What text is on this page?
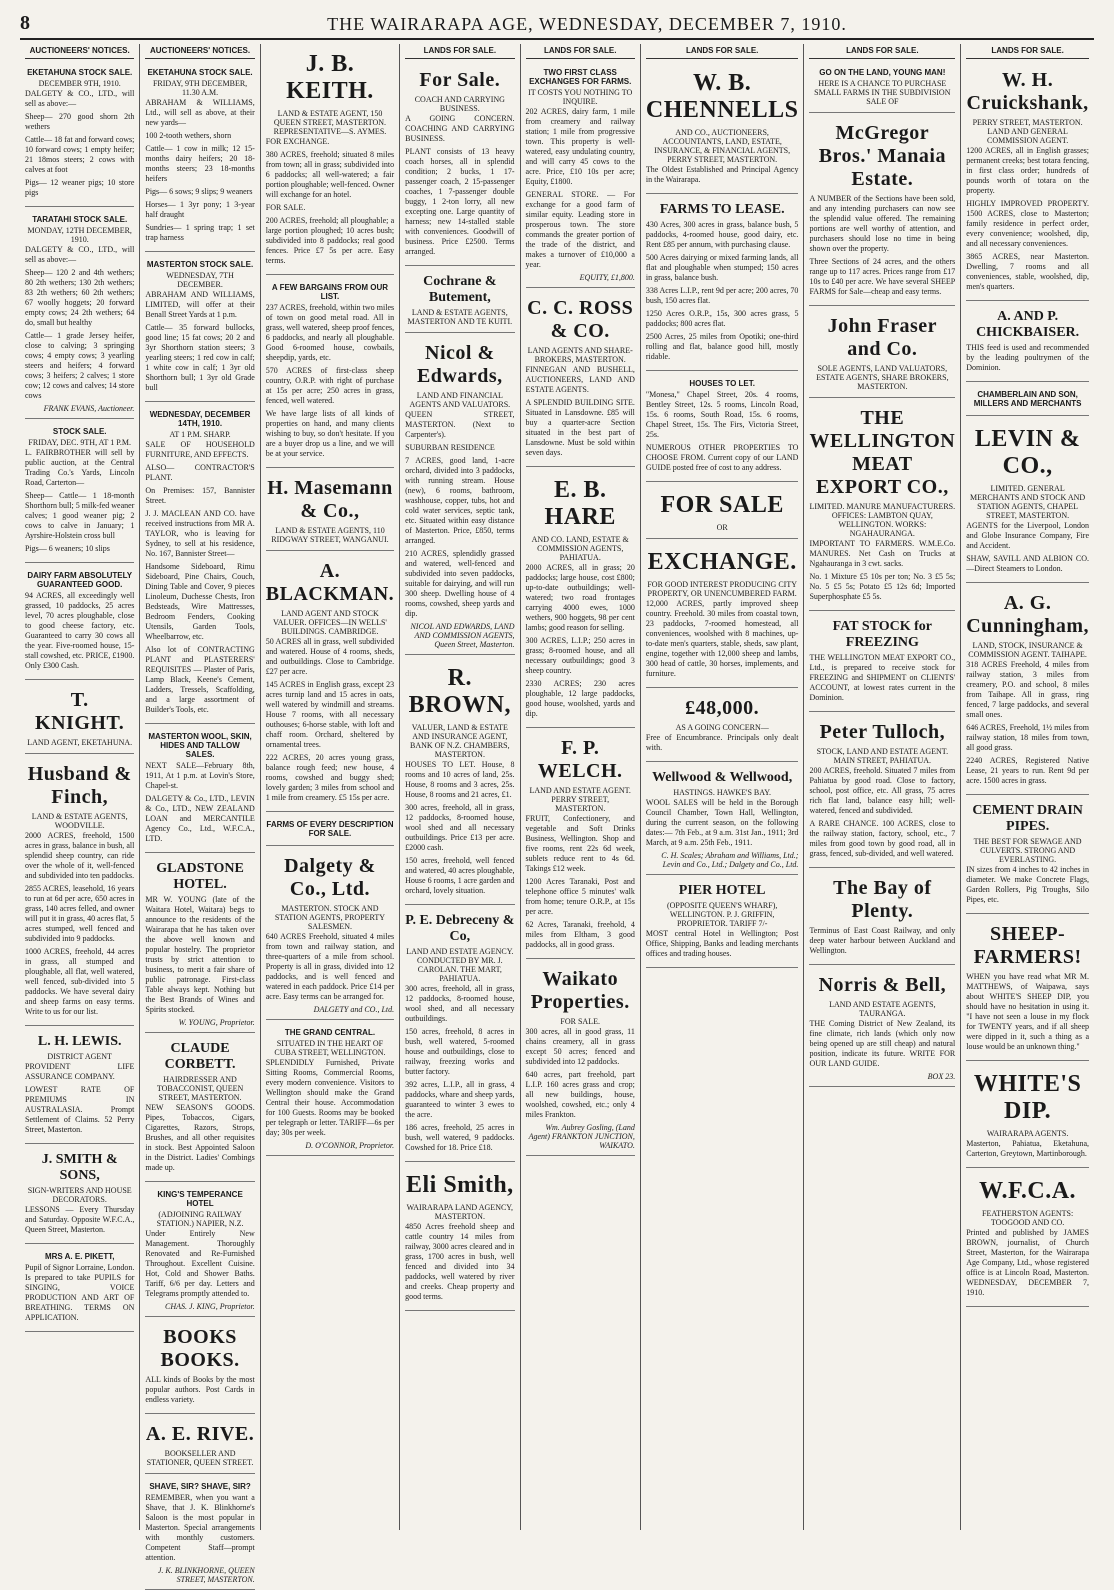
8	THE WAIRARAPA AGE, WEDNESDAY, DECEMBER 7, 1910.
AUCTIONEERS' NOTICES.
EKETAHUNA STOCK SALE.
DECEMBER 9TH, 1910.

DALGETY & CO., LTD., will sell as above:—

Sheep— 270 good shorn 2th wethers

Cattle— 18 fat and forward cows; 10 forward cows; 1 empty heifer; 21 18mos steers; 2 cows with calves at foot

Pigs— 12 weaner pigs; 10 store pigs

TARATAHI STOCK SALE.
MONDAY, 12TH DECEMBER, 1910.

DALGETY & CO., LTD., will sell as above:—

Sheep— 120 2 and 4th wethers; 80 2th wethers; 130 2th wethers; 83 2th wethers; 60 2th wethers; 67 woolly hoggets; 20 forward empty cows; 24 2th wethers; 64 do, small but healthy

Cattle— 1 grade Jersey heifer, close to calving; 3 springing cows; 4 empty cows; 3 yearling steers and heifers; 4 forward cows; 3 heifers; 2 calves; 1 store cow; 12 cows and calves; 14 store cows

FRANK EVANS, Auctioneer.
STOCK SALE.
FRIDAY, DEC. 9TH, AT 1 P.M.

L. FAIRBROTHER will sell by public auction, at the Central Trading Co.'s Yards, Lincoln Road, Carterton—

Sheep— Cattle— 1 18-month Shorthorn bull; 5 milk-fed weaner calves; 1 good weaner pig; 2 cows to calve in January; 1 Ayrshire-Holstein cross bull

Pigs— 6 weaners; 10 slips

DAIRY FARM ABSOLUTELY GUARANTEED GOOD.

94 ACRES, all exceedingly well grassed, 10 paddocks, 25 acres level, 70 acres ploughable, close to good cheese factory, etc. Guaranteed to carry 30 cows all the year. Five-roomed house, 15-stall cowshed, etc. PRICE, £1900. Only £300 Cash.

T. KNIGHT.
LAND AGENT, EKETAHUNA.
Husband & Finch,
LAND & ESTATE AGENTS, WOODVILLE.

2000 ACRES, freehold, 1500 acres in grass, balance in bush, all splendid sheep country, can ride over the whole of it, well-fenced and subdivided into ten paddocks.

2855 ACRES, leasehold, 16 years to run at 6d per acre, 650 acres in grass, 140 acres felled, and owner will put it in grass, 40 acres flat, 5 acres stumped, well fenced and subdivided into 9 paddocks.

1000 ACRES, freehold, 44 acres in grass, all stumped and ploughable, all flat, well watered, well fenced, sub-divided into 5 paddocks. We have several dairy and sheep farms on easy terms. Write to us for our list.

L. H. LEWIS.
DISTRICT AGENT

PROVIDENT LIFE ASSURANCE COMPANY.

LOWEST RATE OF PREMIUMS IN AUSTRALASIA. Prompt Settlement of Claims. 52 Perry Street, Masterton.

J. SMITH & SONS,
SIGN-WRITERS AND HOUSE DECORATORS.

LESSONS — Every Thursday and Saturday. Opposite W.F.C.A., Queen Street, Masterton.

MRS A. E. PIKETT,

Pupil of Signor Lorraine, London. Is prepared to take PUPILS for SINGING, VOICE PRODUCTION AND ART OF BREATHING. TERMS ON APPLICATION.

AUCTIONEERS' NOTICES.
EKETAHUNA STOCK SALE.
FRIDAY, 9TH DECEMBER, 11.30 A.M.

ABRAHAM & WILLIAMS, Ltd., will sell as above, at their new yards—

100 2-tooth wethers, shorn

Cattle— 1 cow in milk; 12 15-months dairy heifers; 20 18-months steers; 23 18-months heifers

Pigs— 6 sows; 9 slips; 9 weaners

Horses— 1 3yr pony; 1 3-year half draught

Sundries— 1 spring trap; 1 set trap harness

MASTERTON STOCK SALE.
WEDNESDAY, 7TH DECEMBER.

ABRAHAM AND WILLIAMS, LIMITED, will offer at their Benall Street Yards at 1 p.m.

Cattle— 35 forward bullocks, good line; 15 fat cows; 20 2 and 3yr Shorthorn station steers; 3 yearling steers; 1 red cow in calf; 1 white cow in calf; 1 3yr old Shorthorn bull; 1 3yr old Grade bull

WEDNESDAY, DECEMBER 14TH, 1910.
AT 1 P.M. SHARP.

SALE OF HOUSEHOLD FURNITURE, AND EFFECTS.

ALSO— CONTRACTOR'S PLANT.

On Premises: 157, Bannister Street.

J. J. MACLEAN AND CO. have received instructions from MR A. TAYLOR, who is leaving for Sydney, to sell at his residence, No. 167, Bannister Street—

Handsome Sideboard, Rimu Sideboard, Pine Chairs, Couch, Dining Table and Cover, 9 pieces Linoleum, Duchesse Chests, Iron Bedsteads, Wire Mattresses, Bedroom Fenders, Cooking Utensils, Garden Tools, Wheelbarrow, etc.

Also lot of CONTRACTING PLANT and PLASTERERS' REQUISITES — Plaster of Paris, Lamp Black, Keene's Cement, Ladders, Tressels, Scaffolding, and a large assortment of Builder's Tools, etc.

MASTERTON WOOL, SKIN, HIDES AND TALLOW SALES.

NEXT SALE—February 8th, 1911, At 1 p.m. at Lovin's Store, Chapel-st.

DALGETY & Co., LTD., LEVIN & Co., LTD., NEW ZEALAND LOAN and MERCANTILE Agency Co., Ltd., W.F.C.A., LTD.

GLADSTONE HOTEL.

MR W. YOUNG (late of the Waitara Hotel, Waitara) begs to announce to the residents of the Wairarapa that he has taken over the above well known and popular hostelry. The proprietor trusts by strict attention to business, to merit a fair share of public patronage. First-class Table always kept. Nothing but the Best Brands of Wines and Spirits stocked.

W. YOUNG, Proprietor.
CLAUDE CORBETT.
HAIRDRESSER AND TOBACCONIST, QUEEN STREET, MASTERTON.

NEW SEASON'S GOODS. Pipes, Tobaccos, Cigars, Cigarettes, Razors, Strops, Brushes, and all other requisites in stock. Best Appointed Saloon in the District. Ladies' Combings made up.

KING'S TEMPERANCE HOTEL
(ADJOINING RAILWAY STATION.) NAPIER, N.Z.

Under Entirely New Management. Thoroughly Renovated and Re-Furnished Throughout. Excellent Cuisine. Hot, Cold and Shower Baths. Tariff, 6/6 per day. Letters and Telegrams promptly attended to.

CHAS. J. KING, Proprietor.
BOOKS BOOKS.

ALL kinds of Books by the most popular authors. Post Cards in endless variety.

A. E. RIVE.
BOOKSELLER AND STATIONER, QUEEN STREET.
SHAVE, SIR? SHAVE, SIR?

REMEMBER, when you want a Shave, that J. K. Blinkhorne's Saloon is the most popular in Masterton. Special arrangements with monthly customers. Competent Staff—prompt attention.

J. K. BLINKHORNE, QUEEN STREET, MASTERTON.
J. B. KEITH.
LAND & ESTATE AGENT, 150 QUEEN STREET, MASTERTON. REPRESENTATIVE—S. AYMES.

FOR EXCHANGE.

380 ACRES, freehold; situated 8 miles from town; all in grass; subdivided into 6 paddocks; all well-watered; a fair portion ploughable; well-fenced. Owner will exchange for an hotel.

FOR SALE.

200 ACRES, freehold; all ploughable; a large portion ploughed; 10 acres bush; subdivided into 8 paddocks; real good fences. Price £7 5s per acre. Easy terms.

A FEW BARGAINS FROM OUR LIST.

237 ACRES, freehold, within two miles of town on good metal road. All in grass, well watered, sheep proof fences, 6 paddocks, and nearly all ploughable. Good 6-roomed house, cowbails, sheepdip, yards, etc.

570 ACRES of first-class sheep country, O.R.P. with right of purchase at 15s per acre; 250 acres in grass, fenced, well watered.

We have large lists of all kinds of properties on hand, and many clients wishing to buy, so don't hesitate. If you are a buyer drop us a line, and we will be at your service.

H. Masemann & Co.,
LAND & ESTATE AGENTS, 110 RIDGWAY STREET, WANGANUI.
A. BLACKMAN.
LAND AGENT AND STOCK VALUER. OFFICES—IN WELLS' BUILDINGS. CAMBRIDGE.

50 ACRES all in grass, well subdivided and watered. House of 4 rooms, sheds, and outbuildings. Close to Cambridge. £27 per acre.

145 ACRES in English grass, except 23 acres turnip land and 15 acres in oats, well watered by windmill and streams. House 7 rooms, with all necessary outhouses; 6-horse stable, with loft and chaff room. Orchard, sheltered by ornamental trees.

222 ACRES, 20 acres young grass, balance rough feed; new house, 4 rooms, cowshed and buggy shed; lovely garden; 3 miles from school and 1 mile from creamery. £5 15s per acre.

FARMS OF EVERY DESCRIPTION FOR SALE.
Dalgety & Co., Ltd.
MASTERTON. STOCK AND STATION AGENTS, PROPERTY SALESMEN.

640 ACRES Freehold, situated 4 miles from town and railway station, and three-quarters of a mile from school. Property is all in grass, divided into 12 paddocks, and is well fenced and watered in each paddock. Price £14 per acre. Easy terms can be arranged for.

DALGETY and CO., Ltd.
THE GRAND CENTRAL.
SITUATED IN THE HEART OF CUBA STREET, WELLINGTON.

SPLENDIDLY Furnished, Private Sitting Rooms, Commercial Rooms, every modern convenience. Visitors to Wellington should make the Grand Central their house. Accommodation for 100 Guests. Rooms may be booked per telegraph or letter. TARIFF—6s per day; 30s per week.

D. O'CONNOR, Proprietor.
LANDS FOR SALE.
For Sale.
COACH AND CARRYING BUSINESS.

A GOING CONCERN. COACHING AND CARRYING BUSINESS.

PLANT consists of 13 heavy coach horses, all in splendid condition; 2 bucks, 1 17-passenger coach, 2 15-passenger coaches, 1 7-passenger double buggy, 1 2-ton lorry, all new excepting one. Large quantity of harness; new 14-stalled stable with conveniences. Goodwill of business. Price £2500. Terms arranged.

Cochrane & Butement,
LAND & ESTATE AGENTS, MASTERTON AND TE KUITI.
Nicol & Edwards,
LAND AND FINANCIAL AGENTS AND VALUATORS.

QUEEN STREET, MASTERTON. (Next to Carpenter's).

SUBURBAN RESIDENCE

7 ACRES, good land, 1-acre orchard, divided into 3 paddocks, with running stream. House (new), 6 rooms, bathroom, washhouse, copper, tubs, hot and cold water services, septic tank, etc. Situated within easy distance of Masterton. Price, £850, terms arranged.

210 ACRES, splendidly grassed and watered, well-fenced and subdivided into seven paddocks, suitable for dairying, and will run 300 sheep. Dwelling house of 4 rooms, cowshed, sheep yards and dip.

NICOL AND EDWARDS, LAND AND COMMISSION AGENTS, Queen Street, Masterton.
R. BROWN,
VALUER, LAND & ESTATE AND INSURANCE AGENT, BANK OF N.Z. CHAMBERS, MASTERTON.

HOUSES TO LET. House, 8 rooms and 10 acres of land, 25s. House, 8 rooms and 3 acres, 25s. House, 8 rooms and 21 acres, £1.

300 acres, freehold, all in grass, 12 paddocks, 8-roomed house, wool shed and all necessary outbuildings. Price £13 per acre. £2000 cash.

150 acres, freehold, well fenced and watered, 40 acres ploughable, House 6 rooms, 1 acre garden and orchard, lovely situation.

P. E. Debreceny & Co,
LAND AND ESTATE AGENCY. CONDUCTED BY MR. J. CAROLAN. THE MART, PAHIATUA.

300 acres, freehold, all in grass, 12 paddocks, 8-roomed house, wool shed, and all necessary outbuildings.

150 acres, freehold, 8 acres in bush, well watered, 5-roomed house and outbuildings, close to railway, freezing works and butter factory.

392 acres, L.I.P., all in grass, 4 paddocks, whare and sheep yards, guaranteed to winter 3 ewes to the acre.

186 acres, freehold, 25 acres in bush, well watered, 9 paddocks. Cowshed for 18. Price £18.

Eli Smith,
WAIRARAPA LAND AGENCY, MASTERTON.

4850 Acres freehold sheep and cattle country 14 miles from railway, 3000 acres cleared and in grass, 1700 acres in bush, well fenced and divided into 34 paddocks, well watered by river and creeks. Cheap property and good terms.

LANDS FOR SALE.
TWO FIRST CLASS EXCHANGES FOR FARMS.
IT COSTS YOU NOTHING TO INQUIRE.

202 ACRES, dairy farm, 1 mile from creamery and railway station; 1 mile from progressive town. This property is well-watered, easy undulating country, and will carry 45 cows to the acre. Price, £10 10s per acre; Equity, £1800.

GENERAL STORE. — For exchange for a good farm of similar equity. Leading store in prosperous town. The store commands the greater portion of the trade of the district, and makes a turnover of £10,000 a year.

EQUITY, £1,800.
C. C. ROSS & CO.
LAND AGENTS AND SHARE-BROKERS, MASTERTON.

FINNEGAN AND BUSHELL, AUCTIONEERS, LAND AND ESTATE AGENTS.

A SPLENDID BUILDING SITE. Situated in Lansdowne. £85 will buy a quarter-acre Section situated in the best part of Lansdowne. Must be sold within seven days.

E. B. HARE
AND CO. LAND, ESTATE & COMMISSION AGENTS, PAHIATUA.

2000 ACRES, all in grass; 20 paddocks; large house, cost £800; up-to-date outbuildings; well-watered; two road frontages carrying 4000 ewes, 1000 wethers, 900 hoggets, 98 per cent lambs; good reason for selling.

300 ACRES, L.I.P.; 250 acres in grass; 8-roomed house, and all necessary outbuildings; good 3 sheep country.

2330 ACRES; 230 acres ploughable, 12 large paddocks, good house, woolshed, yards and dip.

F. P. WELCH.
LAND AND ESTATE AGENT. PERRY STREET, MASTERTON.

FRUIT, Confectionery, and vegetable and Soft Drinks Business, Wellington. Shop and five rooms, rent 22s 6d week, sublets reduce rent to 4s 6d. Takings £12 week.

1200 Acres Taranaki, Post and telephone office 5 minutes' walk from home; tenure O.R.P., at 15s per acre.

62 Acres, Taranaki, freehold, 4 miles from Eltham, 3 good paddocks, all in good grass.

Waikato Properties.
FOR SALE.

300 acres, all in good grass, 11 chains creamery, all in grass except 50 acres; fenced and subdivided into 12 paddocks.

640 acres, part freehold, part L.I.P. 160 acres grass and crop; all new buildings, house, woolshed, cowshed, etc.; only 4 miles Frankton.

Wm. Aubrey Gosling, (Land Agent) FRANKTON JUNCTION, WAIKATO.
LANDS FOR SALE.
W. B. CHENNELLS
AND CO., AUCTIONEERS, ACCOUNTANTS, LAND, ESTATE, INSURANCE, & FINANCIAL AGENTS, PERRY STREET, MASTERTON.

The Oldest Established and Principal Agency in the Wairarapa.

FARMS TO LEASE.

430 Acres, 300 acres in grass, balance bush, 5 paddocks, 4-roomed house, good dairy, etc. Rent £85 per annum, with purchasing clause.

500 Acres dairying or mixed farming lands, all flat and ploughable when stumped; 150 acres in grass, balance bush.

338 Acres L.I.P., rent 9d per acre; 200 acres, 70 bush, 150 acres flat.

1250 Acres O.R.P., 15s, 300 acres grass, 5 paddocks; 800 acres flat.

2500 Acres, 25 miles from Opotiki; one-third rolling and flat, balance good hill, mostly ridable.

HOUSES TO LET.

"Monesa," Chapel Street, 20s. 4 rooms, Bentley Street, 12s. 5 rooms, Lincoln Road, 15s. 6 rooms, South Road, 15s. 6 rooms, Chapel Street, 15s. The Firs, Victoria Street, 25s.

NUMEROUS OTHER PROPERTIES TO CHOOSE FROM. Current copy of our LAND GUIDE posted free of cost to any address.

FOR SALE
OR
EXCHANGE.
FOR GOOD INTEREST PRODUCING CITY PROPERTY, OR UNENCUMBERED FARM.

12,000 ACRES, partly improved sheep country. Freehold. 30 miles from coastal town, 23 paddocks, 7-roomed homestead, all conveniences, woolshed with 8 machines, up-to-date men's quarters, stable, sheds, saw plant, engine, together with 12,000 sheep and lambs, 300 head of cattle, 30 horses, implements, and furniture.

£48,000.
AS A GOING CONCERN—

Free of Encumbrance. Principals only dealt with.

Wellwood & Wellwood,
HASTINGS. HAWKE'S BAY.

WOOL SALES will be held in the Borough Council Chamber, Town Hall, Wellington, during the current season, on the following dates:— 7th Feb., at 9 a.m. 31st Jan., 1911; 3rd March, at 9 a.m. 25th Feb., 1911.

C. H. Scales; Abraham and Williams, Ltd.; Levin and Co., Ltd.; Dalgety and Co., Ltd.
PIER HOTEL
(OPPOSITE QUEEN'S WHARF), WELLINGTON. P. J. GRIFFIN, PROPRIETOR. TARIFF 7/-

MOST central Hotel in Wellington; Post Office, Shipping, Banks and leading merchants offices and trading houses.

LANDS FOR SALE.
GO ON THE LAND, YOUNG MAN!
HERE IS A CHANCE TO PURCHASE SMALL FARMS IN THE SUBDIVISION SALE OF
McGregor Bros.' Manaia Estate.

A NUMBER of the Sections have been sold, and any intending purchasers can now see the splendid value offered. The remaining portions are well worthy of attention, and purchasers should lose no time in being shown over the property.

Three Sections of 24 acres, and the others range up to 117 acres. Prices range from £17 10s to £40 per acre. We have several SHEEP FARMS for Sale—cheap and easy terms.

John Fraser and Co.
SOLE AGENTS, LAND VALUATORS, ESTATE AGENTS, SHARE BROKERS, MASTERTON.
THE WELLINGTON MEAT EXPORT CO.,
LIMITED. MANURE MANUFACTURERS. OFFICES: LAMBTON QUAY, WELLINGTON. WORKS: NGAHAURANGA.

IMPORTANT TO FARMERS. W.M.E.Co. MANURES. Net Cash on Trucks at Ngahauranga in 3 cwt. sacks.

No. 1 Mixture £5 10s per ton; No. 3 £5 5s; No. 5 £5 5s; Potato £5 12s 6d; Imported Superphosphate £5 5s.

FAT STOCK for FREEZING

THE WELLINGTON MEAT EXPORT CO., Ltd., is prepared to receive stock for FREEZING and SHIPMENT on CLIENTS' ACCOUNT, at lowest rates current in the Dominion.

Peter Tulloch,
STOCK, LAND AND ESTATE AGENT. MAIN STREET, PAHIATUA.

200 ACRES, freehold. Situated 7 miles from Pahiatua by good road. Close to factory, school, post office, etc. All grass, 75 acres rich flat land, balance easy hill; well-watered, fenced and subdivided.

A RARE CHANCE. 100 ACRES, close to the railway station, factory, school, etc., 7 miles from good town by good road, all in grass, fenced, sub-divided, and well watered.

The Bay of Plenty.

Terminus of East Coast Railway, and only deep water harbour between Auckland and Wellington.

Norris & Bell,
LAND AND ESTATE AGENTS, TAURANGA.

THE Coming District of New Zealand, its fine climate, rich lands (which only now being opened up are still cheap) and natural position, indicate its future. WRITE FOR OUR LAND GUIDE.

BOX 23.
LANDS FOR SALE.
W. H. Cruickshank,
PERRY STREET, MASTERTON. LAND AND GENERAL COMMISSION AGENT.

1200 ACRES, all in English grasses; permanent creeks; best totara fencing, in first class order; hundreds of pounds worth of totara on the property.

HIGHLY IMPROVED PROPERTY. 1500 ACRES, close to Masterton; family residence in perfect order, every convenience; woolshed, dip, and all necessary conveniences.

3865 ACRES, near Masterton. Dwelling, 7 rooms and all conveniences, stable, woolshed, dip, men's quarters.

A. AND P. CHICKBAISER.

THIS feed is used and recommended by the leading poultrymen of the Dominion.

CHAMBERLAIN AND SON, MILLERS AND MERCHANTS
LEVIN & CO.,
LIMITED. GENERAL MERCHANTS AND STOCK AND STATION AGENTS, CHAPEL STREET, MASTERTON.

AGENTS for the Liverpool, London and Globe Insurance Company, Fire and Accident.

SHAW, SAVILL AND ALBION CO.—Direct Steamers to London.

A. G. Cunningham,
LAND, STOCK, INSURANCE & COMMISSION AGENT. TAIHAPE.

318 ACRES Freehold, 4 miles from railway station, 3 miles from creamery, P.O. and school, 8 miles from Taihape. All in grass, ring fenced, 7 large paddocks, and several small ones.

646 ACRES, Freehold, 1½ miles from railway station, 18 miles from town, all good grass.

2240 ACRES, Registered Native Lease, 21 years to run. Rent 9d per acre. 1500 acres in grass.

CEMENT DRAIN PIPES.
THE BEST FOR SEWAGE AND CULVERTS. STRONG AND EVERLASTING.

IN sizes from 4 inches to 42 inches in diameter. We make Concrete Flags, Garden Rollers, Pig Troughs, Silo Pipes, etc.

SHEEP-FARMERS!

WHEN you have read what MR M. MATTHEWS, of Waipawa, says about WHITE'S SHEEP DIP, you should have no hesitation in using it. "I have not seen a louse in my flock for TWENTY years, and if all sheep were dipped in it, such a thing as a louse would be an unknown thing."

WHITE'S DIP.
WAIRARAPA AGENTS.

Masterton, Pahiatua, Eketahuna, Carterton, Greytown, Martinborough.

W.F.C.A.
FEATHERSTON AGENTS: TOOGOOD AND CO.

Printed and published by JAMES BROWN, journalist, of Church Street, Masterton, for the Wairarapa Age Company, Ltd., whose registered office is at Lincoln Road, Masterton. WEDNESDAY, DECEMBER 7, 1910.
